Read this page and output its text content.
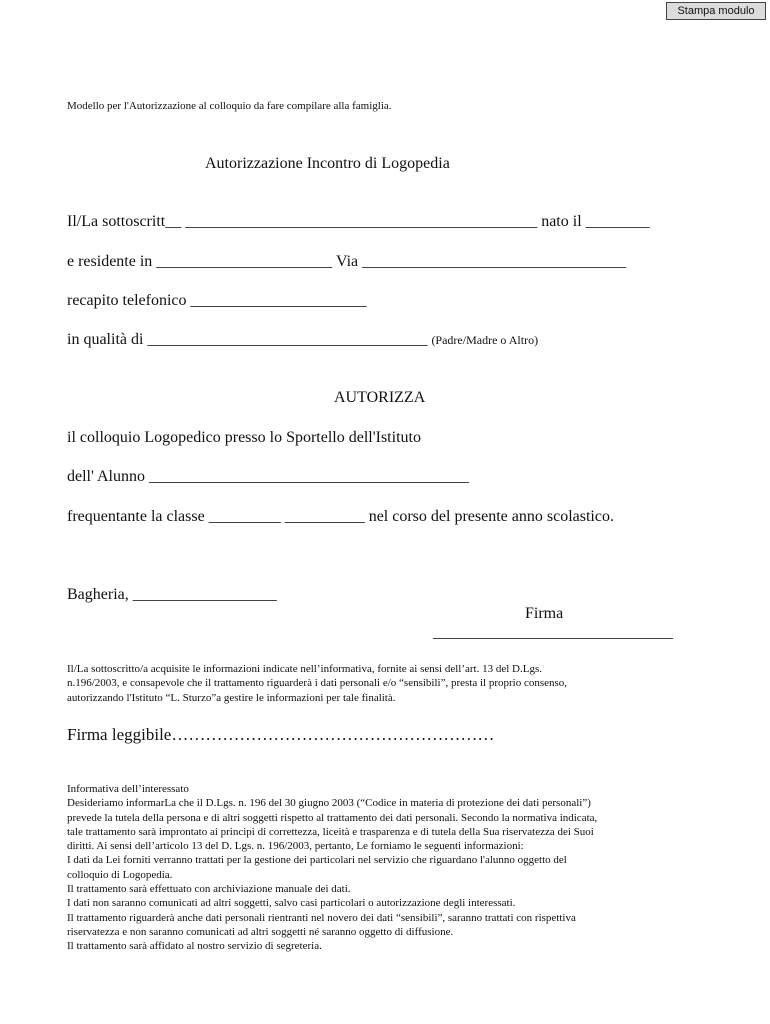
Stampa modulo
Modello per l'Autorizzazione al colloquio da fare compilare alla famiglia.
Autorizzazione Incontro di Logopedia
Il/La sottoscritt__ ____________________________________________ nato il ________
e residente in ______________________ Via _________________________________
recapito telefonico ______________________
in qualità di ___________________________________ (Padre/Madre o Altro)
AUTORIZZA
il colloquio Logopedico presso lo Sportello dell'Istituto
dell' Alunno ________________________________________
frequentante la classe _________ __________ nel corso del presente anno scolastico.
Bagheria, __________________
Firma
______________________________
Il/La sottoscritto/a acquisite le informazioni indicate nell’informativa, fornite ai sensi dell’art. 13 del D.Lgs.
n.196/2003, e consapevole che il trattamento riguarderà i dati personali e/o “sensibili”, presta il proprio consenso,
autorizzando l'Istituto “L. Sturzo”a gestire le informazioni per tale finalità.
Firma leggibile…………………………………………………
Informativa dell’interessato
Desideriamo informarLa che il D.Lgs. n. 196 del 30 giugno 2003 (“Codice in materia di protezione dei dati personali”)
prevede la tutela della persona e di altri soggetti rispetto al trattamento dei dati personali. Secondo la normativa indicata,
tale trattamento sarà improntato ai principi di correttezza, liceità e trasparenza e di tutela della Sua riservatezza dei Suoi
diritti. Ai sensi dell’articolo 13 del D. Lgs. n. 196/2003, pertanto, Le forniamo le seguenti informazioni:
I dati da Lei forniti verranno trattati per la gestione dei particolari nel servizio che riguardano l'alunno oggetto del
colloquio di Logopedia.
Il trattamento sarà effettuato con archiviazione manuale dei dati.
I dati non saranno comunicati ad altri soggetti, salvo casi particolari o autorizzazione degli interessati.
Il trattamento riguarderà anche dati personali rientranti nel novero dei dati “sensibili”, saranno trattati con rispettiva
riservatezza e non saranno comunicati ad altri soggetti né saranno oggetto di diffusione.
Il trattamento sarà affidato al nostro servizio di segreteria.
